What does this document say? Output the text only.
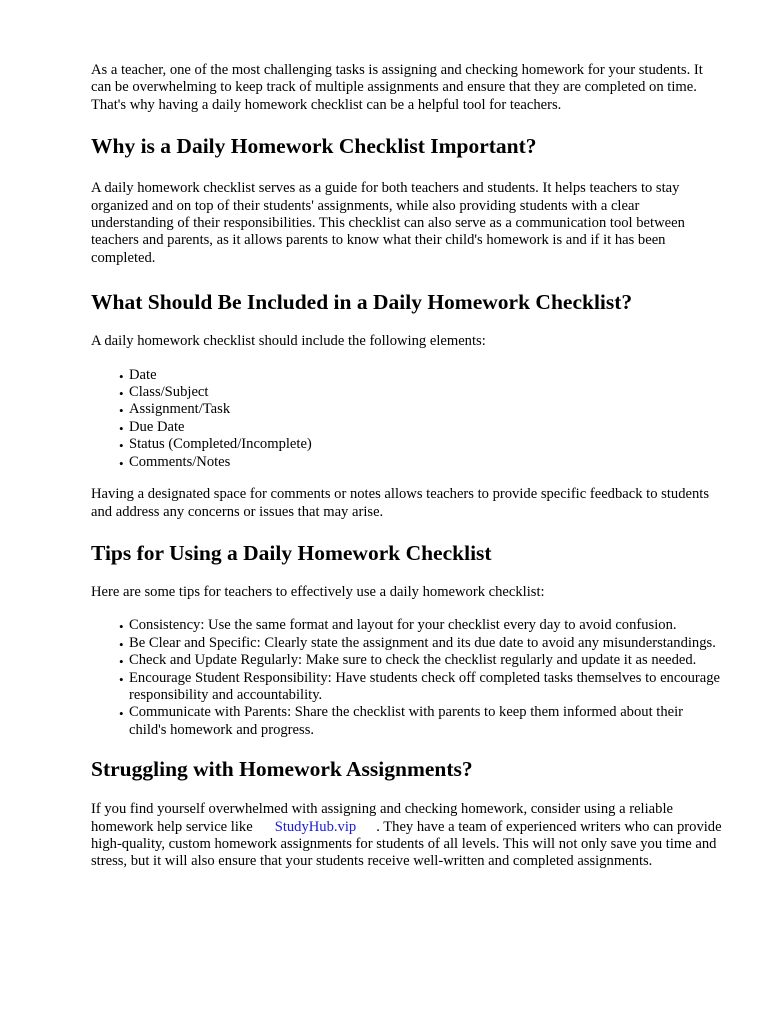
As a teacher, one of the most challenging tasks is assigning and checking homework for your students. It can be overwhelming to keep track of multiple assignments and ensure that they are completed on time. That's why having a daily homework checklist can be a helpful tool for teachers.

Why is a Daily Homework Checklist Important?

A daily homework checklist serves as a guide for both teachers and students. It helps teachers to stay organized and on top of their students' assignments, while also providing students with a clear understanding of their responsibilities. This checklist can also serve as a communication tool between teachers and parents, as it allows parents to know what their child's homework is and if it has been completed.

What Should Be Included in a Daily Homework Checklist?

A daily homework checklist should include the following elements:

• Date
• Class/Subject
• Assignment/Task
• Due Date
• Status (Completed/Incomplete)
• Comments/Notes

Having a designated space for comments or notes allows teachers to provide specific feedback to students and address any concerns or issues that may arise.

Tips for Using a Daily Homework Checklist

Here are some tips for teachers to effectively use a daily homework checklist:

• Consistency: Use the same format and layout for your checklist every day to avoid confusion.
• Be Clear and Specific: Clearly state the assignment and its due date to avoid any misunderstandings.
• Check and Update Regularly: Make sure to check the checklist regularly and update it as needed.
• Encourage Student Responsibility: Have students check off completed tasks themselves to encourage responsibility and accountability.
• Communicate with Parents: Share the checklist with parents to keep them informed about their child's homework and progress.
Struggling with Homework Assignments?

If you find yourself overwhelmed with assigning and checking homework, consider using a reliable homework help service like StudyHub.vip . They have a team of experienced writers who can provide high-quality, custom homework assignments for students of all levels. This will not only save you time and stress, but it will also ensure that your students receive well-written and completed assignments.
